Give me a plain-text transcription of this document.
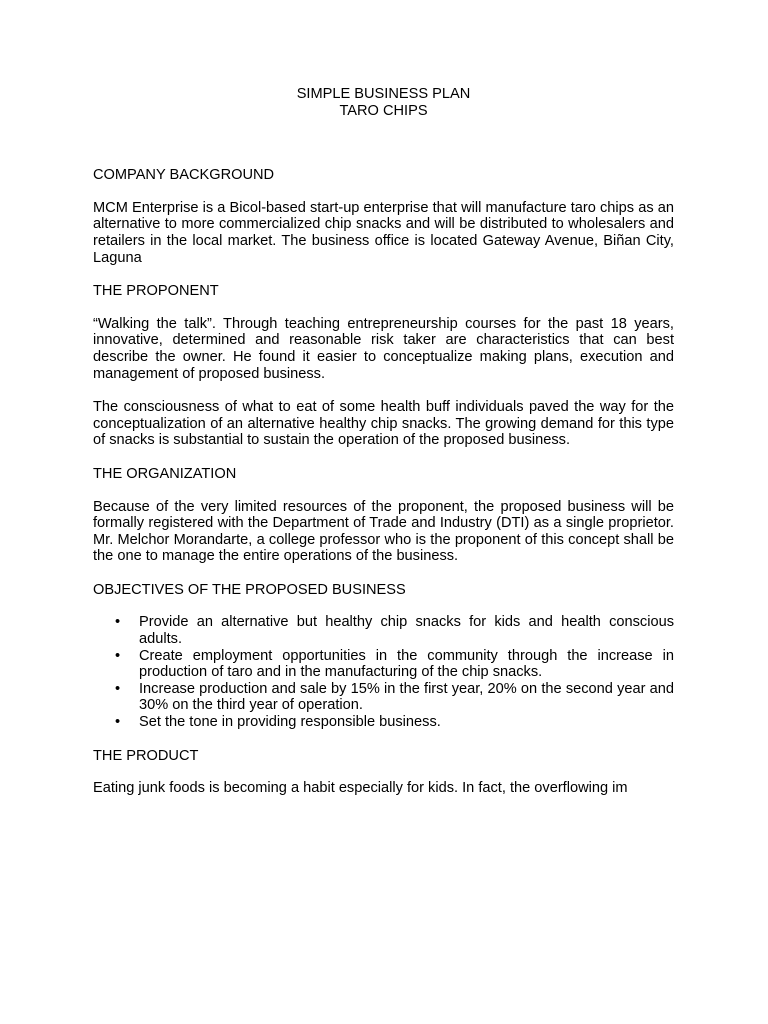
SIMPLE BUSINESS PLAN
TARO CHIPS
COMPANY BACKGROUND

MCM Enterprise is a Bicol-based start-up enterprise that will manufacture taro chips as an alternative to more commercialized chip snacks and will be distributed to wholesalers and retailers in the local market. The business office is located Gateway Avenue, Biñan City, Laguna

THE PROPONENT

“Walking the talk”. Through teaching entrepreneurship courses for the past 18 years, innovative, determined and reasonable risk taker are characteristics that can best describe the owner. He found it easier to conceptualize making plans, execution and management of proposed business.

The consciousness of what to eat of some health buff individuals paved the way for the conceptualization of an alternative healthy chip snacks. The growing demand for this type of snacks is substantial to sustain the operation of the proposed business.

THE ORGANIZATION

Because of the very limited resources of the proponent, the proposed business will be formally registered with the Department of Trade and Industry (DTI) as a single proprietor. Mr. Melchor Morandarte, a college professor who is the proponent of this concept shall be the one to manage the entire operations of the business.

OBJECTIVES OF THE PROPOSED BUSINESS
• Provide an alternative but healthy chip snacks for kids and health conscious adults.
• Create employment opportunities in the community through the increase in production of taro and in the manufacturing of the chip snacks.
• Increase production and sale by 15% in the first year, 20% on the second year and 30% on the third year of operation.
• Set the tone in providing responsible business.
THE PRODUCT

Eating junk foods is becoming a habit especially for kids. In fact, the overflowing im
